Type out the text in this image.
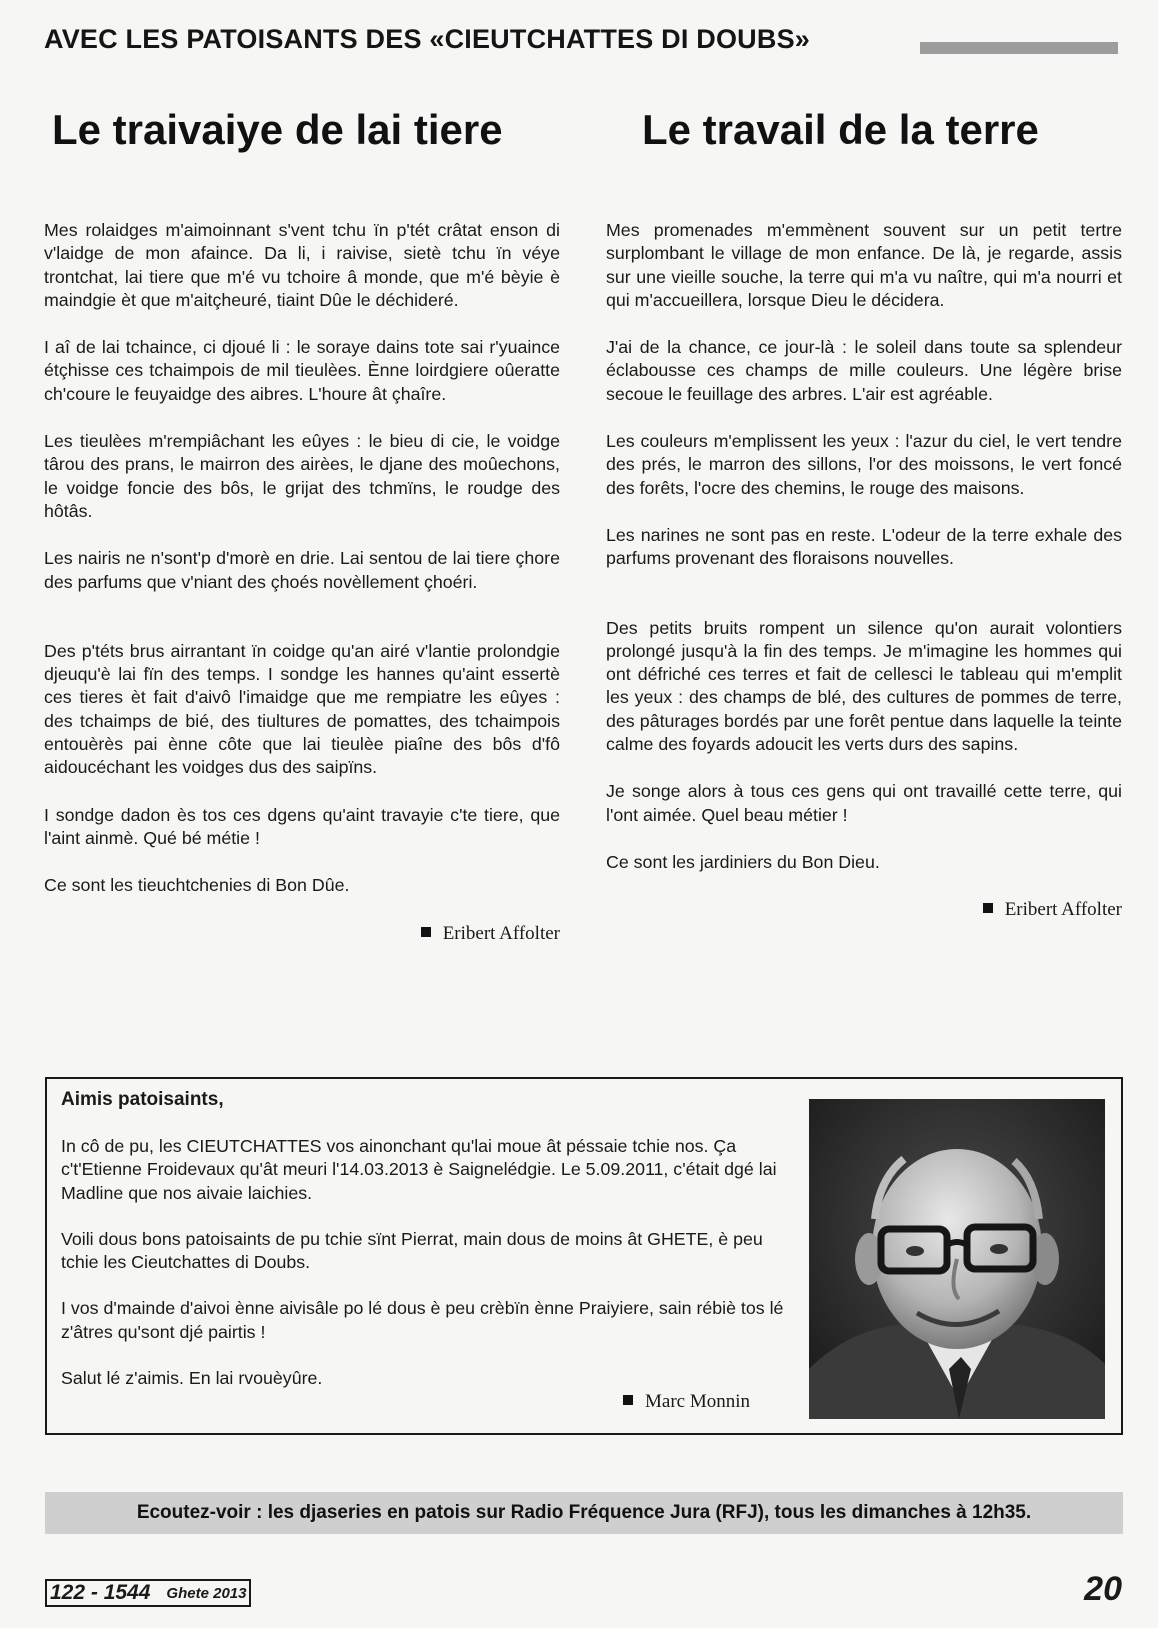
AVEC LES PATOISANTS DES «CIEUTCHATTES DI DOUBS»
Le traivaiye de lai tiere	Le travail de la terre

Mes rolaidges m'aimoinnant s'vent tchu ïn p'tét crâtat enson di v'laidge de mon afaince. Da li, i raivise, sietè tchu ïn véye trontchat, lai tiere que m'é vu tchoire â monde, que m'é bèyie è maindgie èt que m'aitçheuré, tiaint Dûe le déchideré.

I aî de lai tchaince, ci djoué li : le soraye dains tote sai r'yuaince étçhisse ces tchaimpois de mil tieulèes. Ènne loirdgiere oûeratte ch'coure le feuyaidge des aibres. L'houre ât çhaîre.

Les tieulèes m'rempiâchant les eûyes : le bieu di cie, le voidge târou des prans, le mairron des airèes, le djane des moûechons, le voidge foncie des bôs, le grijat des tchmïns, le roudge des hôtâs.

Les nairis ne n'sont'p d'morè en drie. Lai sentou de lai tiere çhore des parfums que v'niant des çhoés novèllement çhoéri.

Des p'téts brus airrantant ïn coidge qu'an airé v'lantie prolondgie djeuqu'è lai fïn des temps. I sondge les hannes qu'aint essertè ces tieres èt fait d'aivô l'imaidge que me rempiatre les eûyes : des tchaimps de bié, des tiultures de pomattes, des tchaimpois entouèrès pai ènne côte que lai tieulèe piaîne des bôs d'fô aidoucéchant les voidges dus des saipïns.

I sondge dadon ès tos ces dgens qu'aint travayie c'te tiere, que l'aint ainmè. Qué bé métie !

Ce sont les tieuchtchenies di Bon Dûe.

Eribert Affolter

Mes promenades m'emmènent souvent sur un petit tertre surplombant le village de mon enfance. De là, je regarde, assis sur une vieille souche, la terre qui m'a vu naître, qui m'a nourri et qui m'accueillera, lorsque Dieu le décidera.

J'ai de la chance, ce jour-là : le soleil dans toute sa splendeur éclabousse ces champs de mille couleurs. Une légère brise secoue le feuillage des arbres. L'air est agréable.

Les couleurs m'emplissent les yeux : l'azur du ciel, le vert tendre des prés, le marron des sillons, l'or des moissons, le vert foncé des forêts, l'ocre des chemins, le rouge des maisons.

Les narines ne sont pas en reste. L'odeur de la terre exhale des parfums provenant des floraisons nouvelles.

Des petits bruits rompent un silence qu'on aurait volontiers prolongé jusqu'à la fin des temps. Je m'imagine les hommes qui ont défriché ces terres et fait de cellesci le tableau qui m'emplit les yeux : des champs de blé, des cultures de pommes de terre, des pâturages bordés par une forêt pentue dans laquelle la teinte calme des foyards adoucit les verts durs des sapins.

Je songe alors à tous ces gens qui ont travaillé cette terre, qui l'ont aimée. Quel beau métier !

Ce sont les jardiniers du Bon Dieu.

Eribert Affolter
Aimis patoisaints,

In cô de pu, les CIEUTCHATTES vos ainonchant qu'lai moue ât péssaie tchie nos. Ça c't'Etienne Froidevaux qu'ât meuri l'14.03.2013 è Saignelédgie. Le 5.09.2011, c'était dgé lai Madline que nos aivaie laichies.

Voili dous bons patoisaints de pu tchie sïnt Pierrat, main dous de moins ât GHETE, è peu tchie les Cieutchattes di Doubs.

I vos d'mainde d'aivoi ènne aivisâle po lé dous è peu crèbïn ènne Praiyiere, sain rébiè tos lé z'âtres qu'sont djé pairtis !

Salut lé z'aimis. En lai rvouèyûre.

Marc Monnin
Ecoutez-voir : les djaseries en patois sur Radio Fréquence Jura (RFJ), tous les dimanches à 12h35.
122 - 1544 Ghete 2013	20
